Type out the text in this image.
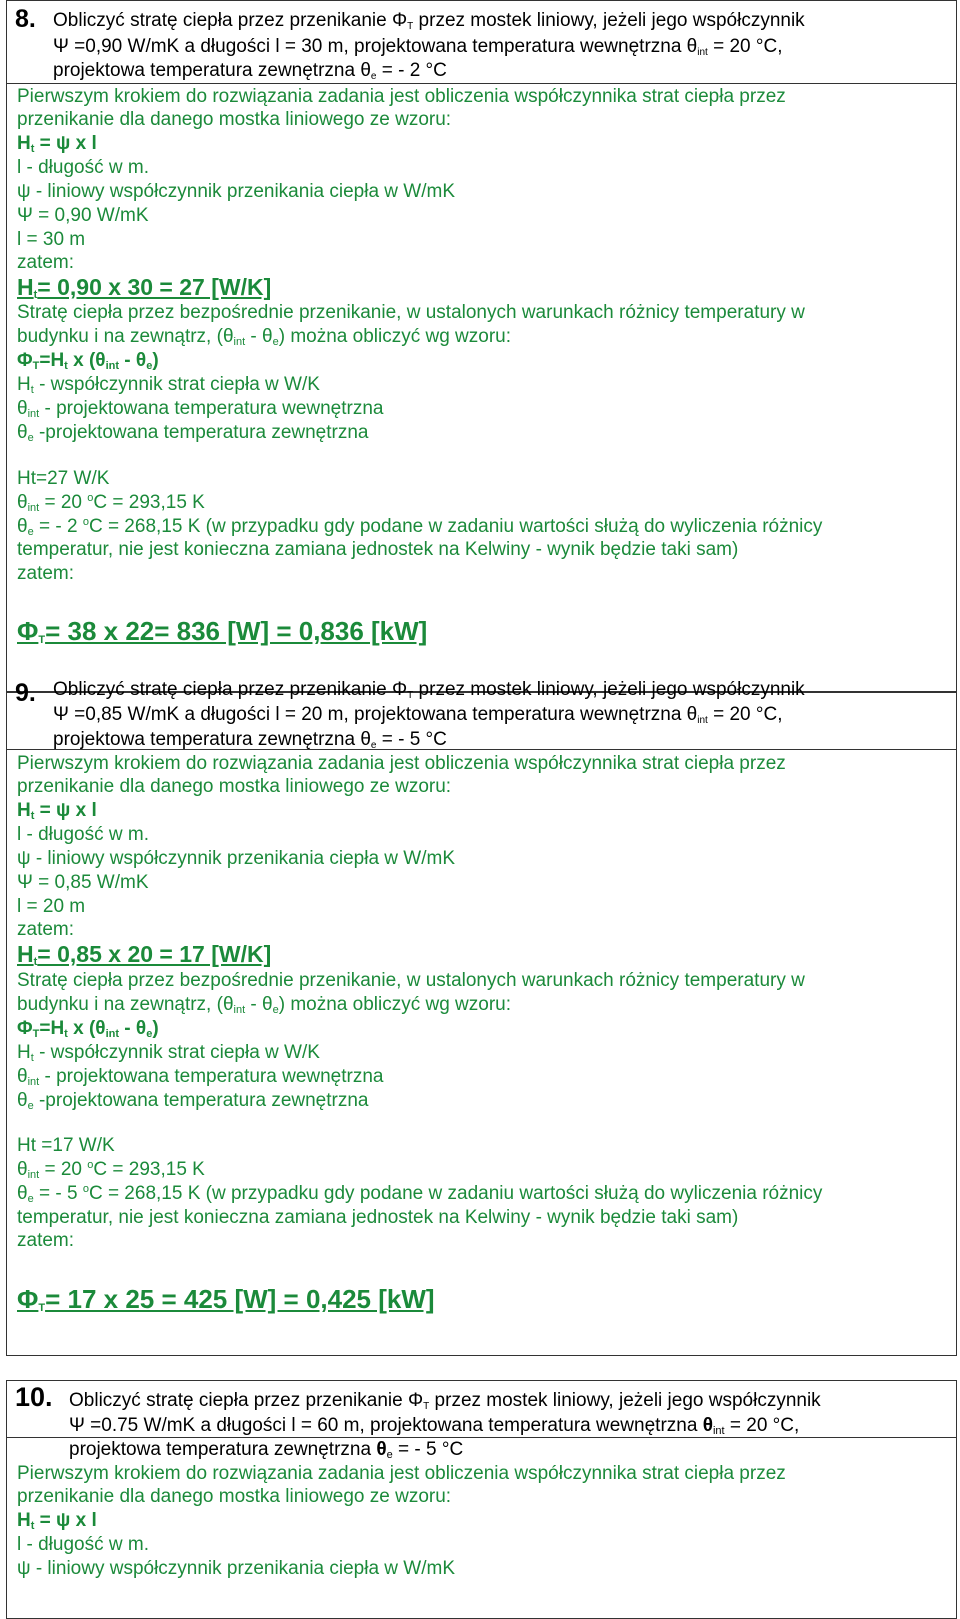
8. Obliczyć stratę ciepła przez przenikanie ΦT przez mostek liniowy, jeżeli jego współczynnik
Ψ =0,90 W/mK a długości l = 30 m, projektowana temperatura wewnętrzna θint = 20 °C,
projektowa temperatura zewnętrzna θe = - 2 °C
Pierwszym krokiem do rozwiązania zadania jest obliczenia współczynnika strat ciepła przez
przenikanie dla danego mostka liniowego ze wzoru:
$H_t = \psi$ x l
l - długość w m.
ψ - liniowy współczynnik przenikania ciepła w W/mK
Ψ = 0,90 W/mK
l = 30 m
zatem:
$H_t= 0,90$ x 30 = 27 [W/K]
Stratę ciepła przez bezpośrednie przenikanie, w ustalonych warunkach różnicy temperatury w
budynku i na zewnątrz, $(\theta_{int} - \theta_e)$ można obliczyć wg wzoru:
$\Phi_T=H_t$ x $(\theta_{int} - \theta_e)$
$H_t$ - współczynnik strat ciepła w W/K
$\theta_{int}$ - projektowana temperatura wewnętrzna
$\theta_e$ -projektowana temperatura zewnętrzna
Ht=27 W/K
$\theta_{int} = 20$ $^o$C = 293,15 K
$\theta_e$ = - 2 $^o$C = 268,15 K (w przypadku gdy podane w zadaniu wartości służą do wyliczenia różnicy
temperatur, nie jest konieczna zamiana jednostek na Kelwiny - wynik będzie taki sam)
zatem:
$\Phi_T= 38$ x 22= 836 [W] = 0,836 [kW]
9. Obliczyć stratę ciepła przez przenikanie ΦT przez mostek liniowy, jeżeli jego współczynnik
Ψ =0,85 W/mK a długości l = 20 m, projektowana temperatura wewnętrzna θint = 20 °C,
projektowa temperatura zewnętrzna θe = - 5 °C
Pierwszym krokiem do rozwiązania zadania jest obliczenia współczynnika strat ciepła przez
przenikanie dla danego mostka liniowego ze wzoru:
$H_t = \psi$ x l
l - długość w m.
ψ - liniowy współczynnik przenikania ciepła w W/mK
Ψ = 0,85 W/mK
l = 20 m
zatem:
$H_t= 0,85$ x 20 = 17 [W/K]
Stratę ciepła przez bezpośrednie przenikanie, w ustalonych warunkach różnicy temperatury w
budynku i na zewnątrz, $(\theta_{int} - \theta_e)$ można obliczyć wg wzoru:
$\Phi_T=H_t$ x $(\theta_{int} - \theta_e)$
$H_t$ - współczynnik strat ciepła w W/K
$\theta_{int}$ - projektowana temperatura wewnętrzna
$\theta_e$ -projektowana temperatura zewnętrzna
Ht =17 W/K
$\theta_{int} = 20$ $^o$C = 293,15 K
$\theta_e$ = - 5 $^o$C = 268,15 K (w przypadku gdy podane w zadaniu wartości służą do wyliczenia różnicy
temperatur, nie jest konieczna zamiana jednostek na Kelwiny - wynik będzie taki sam)
zatem:
$\Phi_T= 17$ x 25 = 425 [W] = 0,425 [kW]
10. Obliczyć stratę ciepła przez przenikanie ΦT przez mostek liniowy, jeżeli jego współczynnik
Ψ =0.75 W/mK a długości l = 60 m, projektowana temperatura wewnętrzna $\theta_{int} = 20$ °C,
projektowa temperatura zewnętrzna $\theta_e$ = - 5 °C
Pierwszym krokiem do rozwiązania zadania jest obliczenia współczynnika strat ciepła przez
przenikanie dla danego mostka liniowego ze wzoru:
$H_t = \psi$ x l
l - długość w m.
ψ - liniowy współczynnik przenikania ciepła w W/mK
